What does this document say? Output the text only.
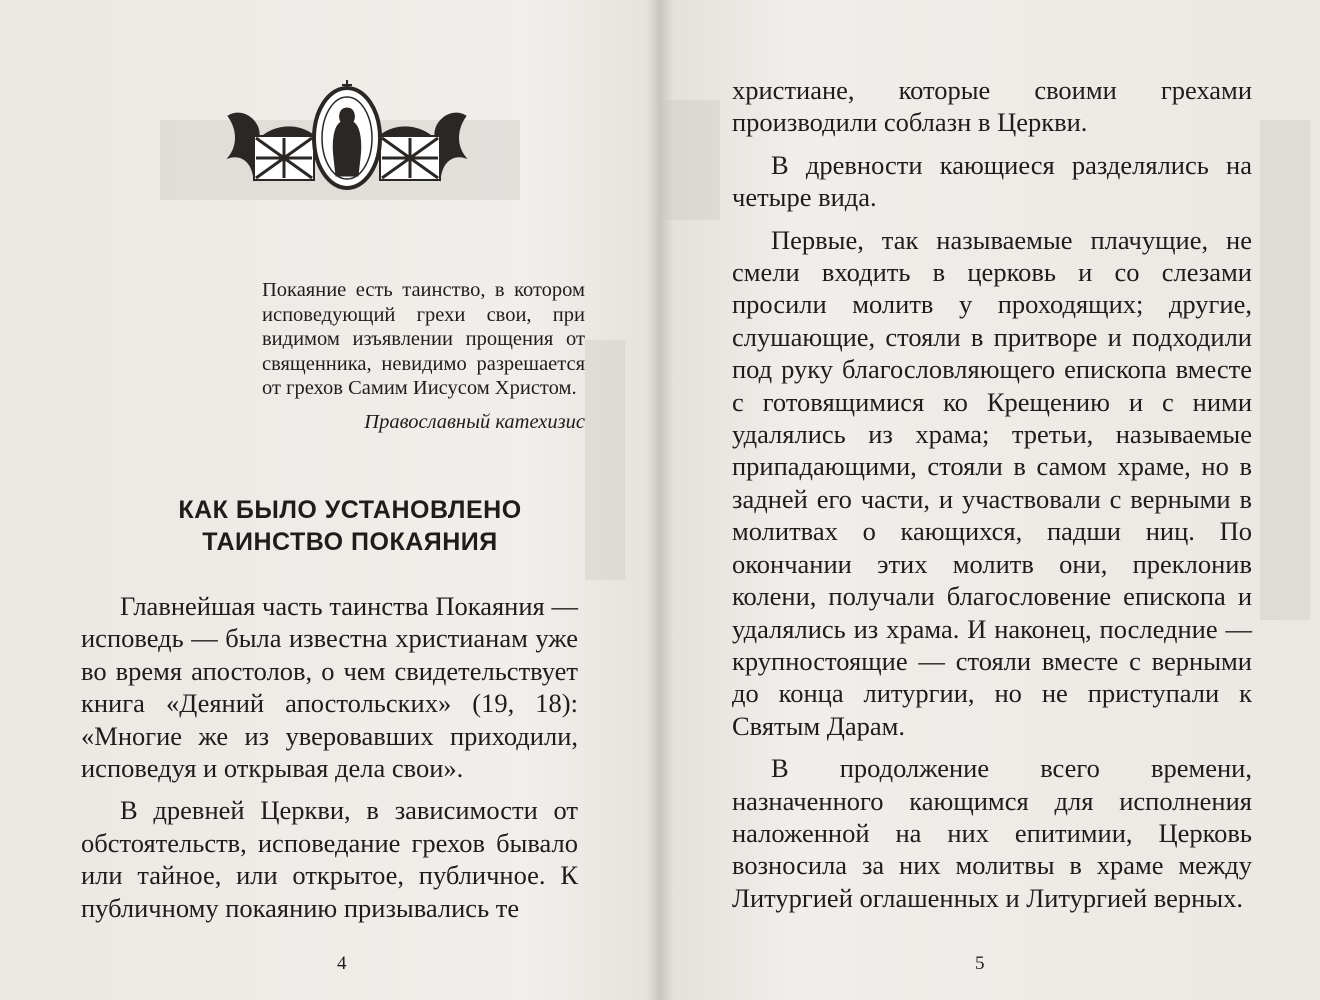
Покаяние есть таинство, в котором исповедующий грехи свои, при видимом изъявлении прощения от священника, невидимо разрешается от грехов Самим Иисусом Христом.

Православный катехизис

КАК БЫЛО УСТАНОВЛЕНО
ТАИНСТВО ПОКАЯНИЯ

Главнейшая часть таинства Покаяния — исповедь — была известна христианам уже во время апостолов, о чем свидетельствует книга «Деяний апостольских» (19, 18): «Многие же из уверовавших приходили, исповедуя и открывая дела свои».

В древней Церкви, в зависимости от обстоятельств, исповедание грехов бывало или тайное, или открытое, публичное. К публичному покаянию призывались те

4

христиане, которые своими грехами производили соблазн в Церкви.

В древности кающиеся разделялись на четыре вида.

Первые, так называемые плачущие, не смели входить в церковь и со слезами просили молитв у проходящих; другие, слушающие, стояли в притворе и подходили под руку благословляющего епископа вместе с готовящимися ко Крещению и с ними удалялись из храма; третьи, называемые припадающими, стояли в самом храме, но в задней его части, и участвовали с верными в молитвах о кающихся, падши ниц. По окончании этих молитв они, преклонив колени, получали благословение епископа и удалялись из храма. И наконец, последние — крупностоящие — стояли вместе с верными до конца литургии, но не приступали к Святым Дарам.

В продолжение всего времени, назначенного кающимся для исполнения наложенной на них епитимии, Церковь возносила за них молитвы в храме между Литургией оглашенных и Литургией верных.

5
